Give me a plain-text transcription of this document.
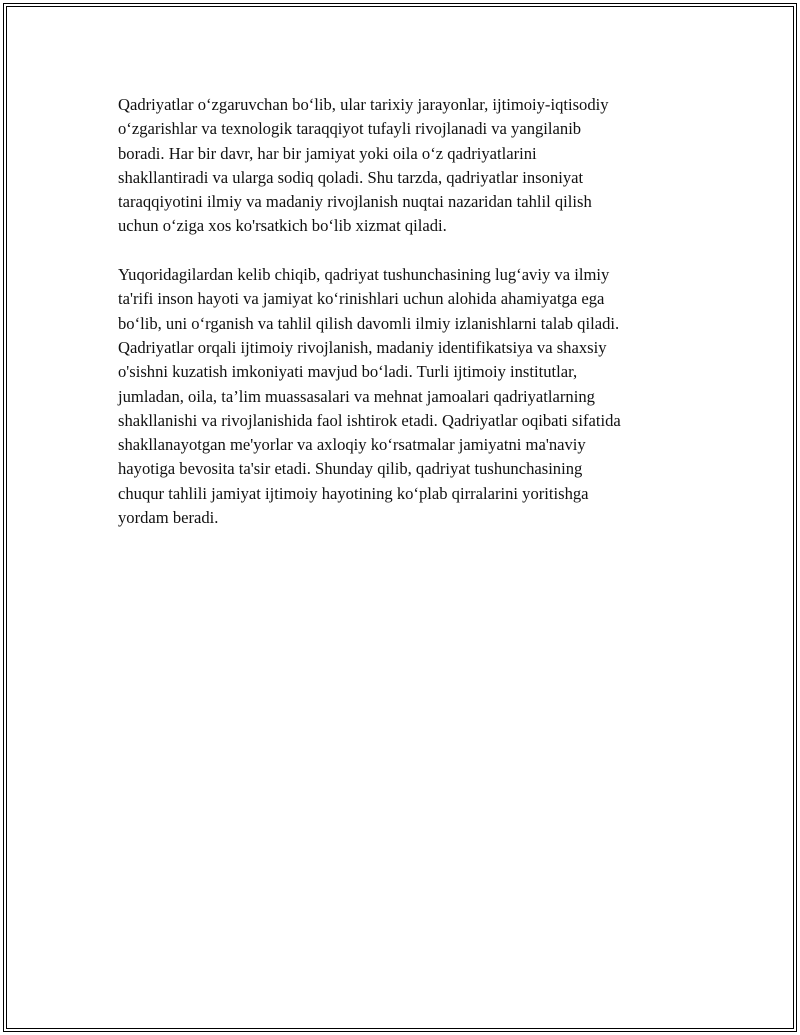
Qadriyatlar o‘zgaruvchan bo‘lib, ular tarixiy jarayonlar, ijtimoiy-iqtisodiy
o‘zgarishlar va texnologik taraqqiyot tufayli rivojlanadi va yangilanib
boradi. Har bir davr, har bir jamiyat yoki oila o‘z qadriyatlarini
shakllantiradi va ularga sodiq qoladi. Shu tarzda, qadriyatlar insoniyat
taraqqiyotini ilmiy va madaniy rivojlanish nuqtai nazaridan tahlil qilish
uchun o‘ziga xos ko'rsatkich bo‘lib xizmat qiladi.

Yuqoridagilardan kelib chiqib, qadriyat tushunchasining lug‘aviy va ilmiy
ta'rifi inson hayoti va jamiyat ko‘rinishlari uchun alohida ahamiyatga ega
bo‘lib, uni o‘rganish va tahlil qilish davomli ilmiy izlanishlarni talab qiladi.
Qadriyatlar orqali ijtimoiy rivojlanish, madaniy identifikatsiya va shaxsiy
o'sishni kuzatish imkoniyati mavjud bo‘ladi. Turli ijtimoiy institutlar,
jumladan, oila, ta’lim muassasalari va mehnat jamoalari qadriyatlarning
shakllanishi va rivojlanishida faol ishtirok etadi. Qadriyatlar oqibati sifatida
shakllanayotgan me'yorlar va axloqiy ko‘rsatmalar jamiyatni ma'naviy
hayotiga bevosita ta'sir etadi. Shunday qilib, qadriyat tushunchasining
chuqur tahlili jamiyat ijtimoiy hayotining ko‘plab qirralarini yoritishga
yordam beradi.
